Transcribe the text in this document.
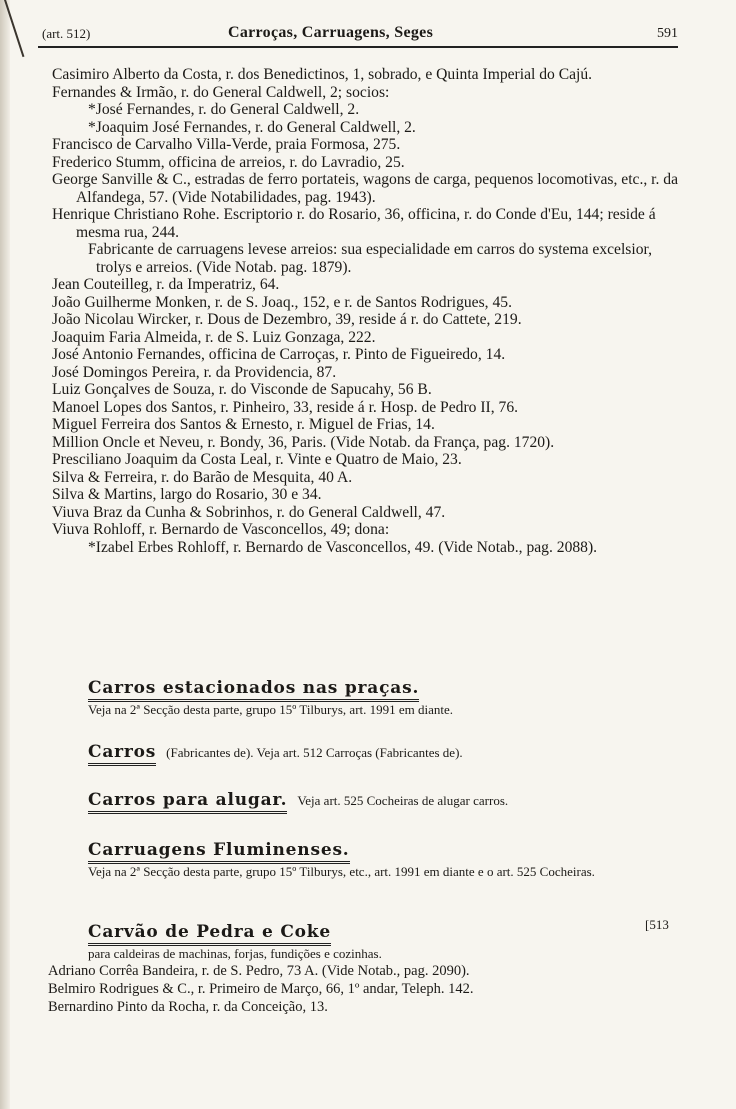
(art. 512)	Carroças, Carruagens, Seges	591

Casimiro Alberto da Costa, r. dos Benedictinos, 1, sobrado, e Quinta Imperial do Cajú.

Fernandes & Irmão, r. do General Caldwell, 2; socios:

*José Fernandes, r. do General Caldwell, 2.

*Joaquim José Fernandes, r. do General Caldwell, 2.

Francisco de Carvalho Villa-Verde, praia Formosa, 275.

Frederico Stumm, officina de arreios, r. do Lavradio, 25.

George Sanville & C., estradas de ferro portateis, wagons de carga, pequenos locomotivas, etc., r. da Alfandega, 57. (Vide Notabilidades, pag. 1943).

Henrique Christiano Rohe. Escriptorio r. do Rosario, 36, officina, r. do Conde d'Eu, 144; reside á mesma rua, 244.

Fabricante de carruagens levese arreios: sua especialidade em carros do systema excelsior, trolys e arreios. (Vide Notab. pag. 1879).

Jean Couteilleg, r. da Imperatriz, 64.

João Guilherme Monken, r. de S. Joaq., 152, e r. de Santos Rodrigues, 45.

João Nicolau Wircker, r. Dous de Dezembro, 39, reside á r. do Cattete, 219.

Joaquim Faria Almeida, r. de S. Luiz Gonzaga, 222.

José Antonio Fernandes, officina de Carroças, r. Pinto de Figueiredo, 14.

José Domingos Pereira, r. da Providencia, 87.

Luiz Gonçalves de Souza, r. do Visconde de Sapucahy, 56 B.

Manoel Lopes dos Santos, r. Pinheiro, 33, reside á r. Hosp. de Pedro II, 76.

Miguel Ferreira dos Santos & Ernesto, r. Miguel de Frias, 14.

Million Oncle et Neveu, r. Bondy, 36, Paris. (Vide Notab. da França, pag. 1720).

Presciliano Joaquim da Costa Leal, r. Vinte e Quatro de Maio, 23.

Silva & Ferreira, r. do Barão de Mesquita, 40 A.

Silva & Martins, largo do Rosario, 30 e 34.

Viuva Braz da Cunha & Sobrinhos, r. do General Caldwell, 47.

Viuva Rohloff, r. Bernardo de Vasconcellos, 49; dona:

*Izabel Erbes Rohloff, r. Bernardo de Vasconcellos, 49. (Vide Notab., pag. 2088).

Carros estacionados nas praças.
Veja na 2ª Secção desta parte, grupo 15º Tilburys, art. 1991 em diante.
Carros (Fabricantes de). Veja art. 512 Carroças (Fabricantes de).
Carros para alugar. Veja art. 525 Cocheiras de alugar carros.
Carruagens Fluminenses.
Veja na 2ª Secção desta parte, grupo 15º Tilburys, etc., art. 1991 em diante e o art. 525 Cocheiras.
Carvão de Pedra e Coke
para caldeiras de machinas, forjas, fundições e cozinhas.
[513

Adriano Corrêa Bandeira, r. de S. Pedro, 73 A. (Vide Notab., pag. 2090).

Belmiro Rodrigues & C., r. Primeiro de Março, 66, 1º andar, Teleph. 142.

Bernardino Pinto da Rocha, r. da Conceição, 13.
